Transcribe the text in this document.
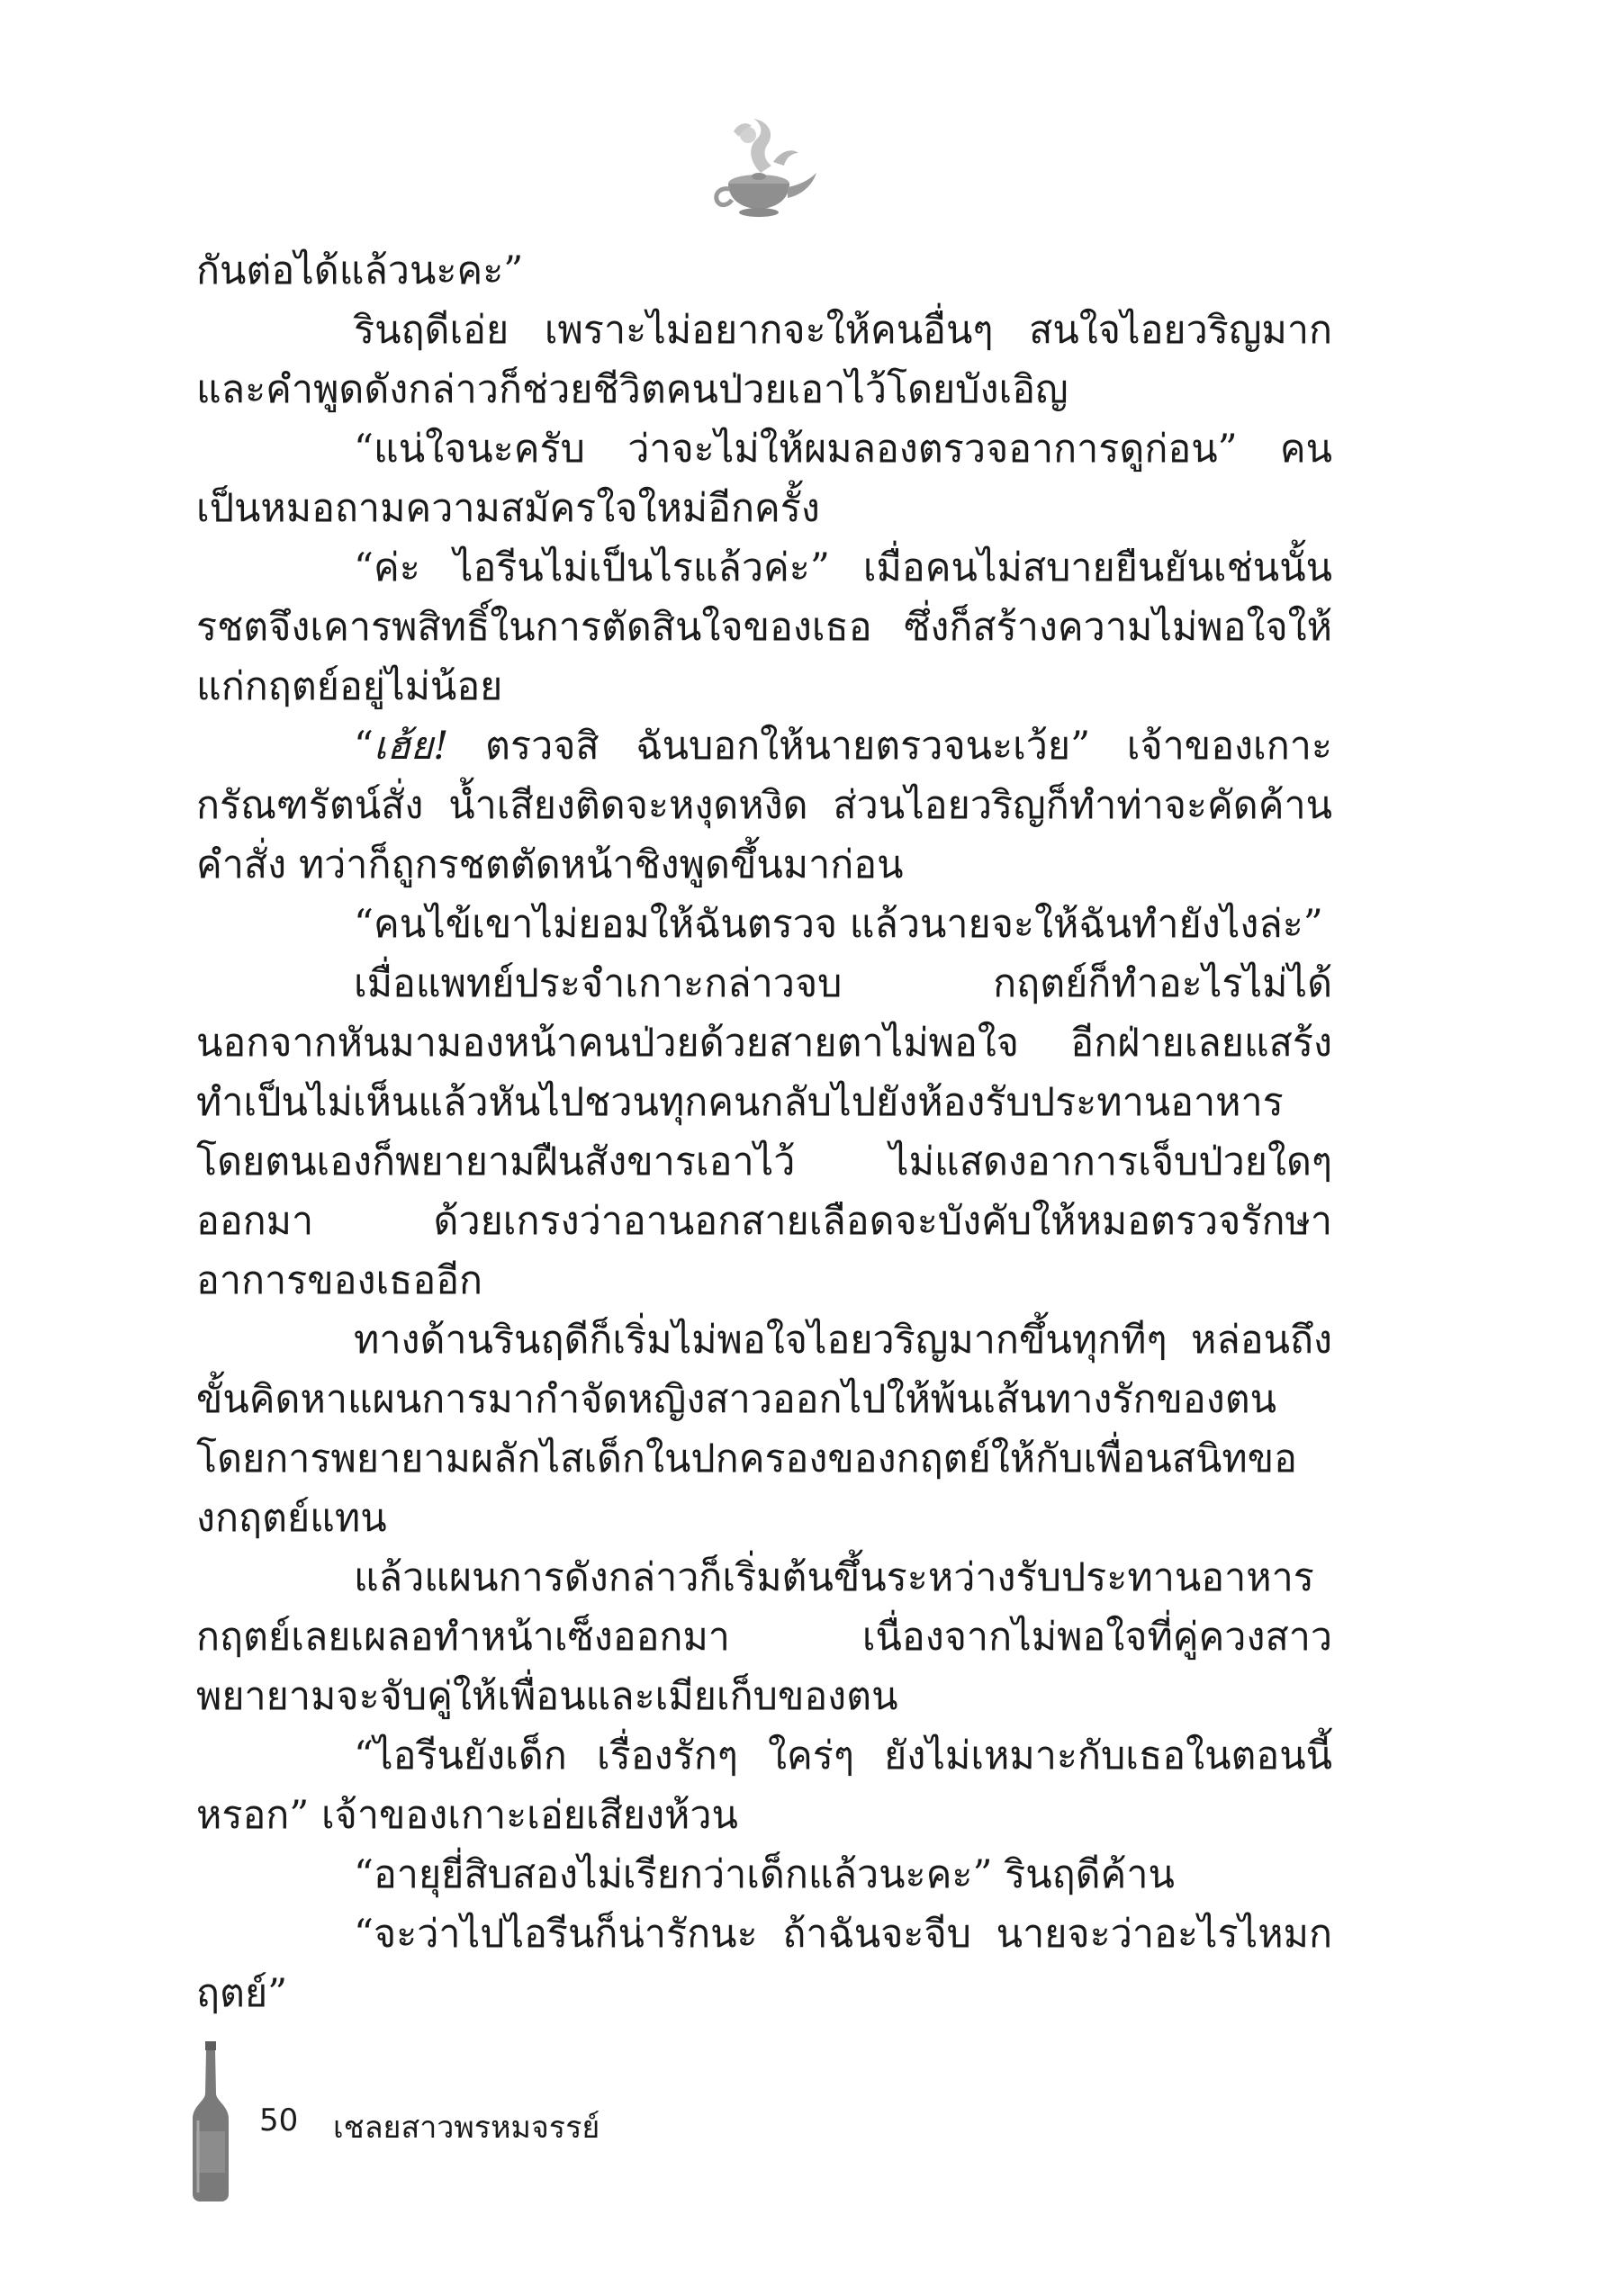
กันต่อได้แล้วนะคะ”

รินฤดีเอ่ย เพราะไม่อยากจะให้คนอื่นๆ สนใจไอยวริญมาก และคำพูดดังกล่าวก็ช่วยชีวิตคนป่วยเอาไว้โดยบังเอิญ

“แน่ใจนะครับ ว่าจะไม่ให้ผมลองตรวจอาการดูก่อน” คนเป็นหมอถามความสมัครใจใหม่อีกครั้ง

“ค่ะ ไอรีนไม่เป็นไรแล้วค่ะ” เมื่อคนไม่สบายยืนยันเช่นนั้น รชตจึงเคารพสิทธิ์ในการตัดสินใจของเธอ ซึ่งก็สร้างความไม่พอใจให้แก่กฤตย์อยู่ไม่น้อย

“เฮ้ย! ตรวจสิ ฉันบอกให้นายตรวจนะเว้ย” เจ้าของเกาะกรัณฑรัตน์สั่ง น้ำเสียงติดจะหงุดหงิด ส่วนไอยวริญก็ทำท่าจะคัดค้านคำสั่ง ทว่าก็ถูกรชตตัดหน้าชิงพูดขึ้นมาก่อน

“คนไข้เขาไม่ยอมให้ฉันตรวจ แล้วนายจะให้ฉันทำยังไงล่ะ”

เมื่อแพทย์ประจำเกาะกล่าวจบ กฤตย์ก็ทำอะไรไม่ได้นอกจากหันมามองหน้าคนป่วยด้วยสายตาไม่พอใจ อีกฝ่ายเลยแสร้งทำเป็นไม่เห็นแล้วหันไปชวนทุกคนกลับไปยังห้องรับประทานอาหาร โดยตนเองก็พยายามฝืนสังขารเอาไว้ ไม่แสดงอาการเจ็บป่วยใดๆ ออกมา ด้วยเกรงว่าอานอกสายเลือดจะบังคับให้หมอตรวจรักษาอาการของเธออีก

ทางด้านรินฤดีก็เริ่มไม่พอใจไอยวริญมากขึ้นทุกทีๆ หล่อนถึงขั้นคิดหาแผนการมากำจัดหญิงสาวออกไปให้พ้นเส้นทางรักของตน โดยการพยายามผลักไสเด็กในปกครองของกฤตย์ให้กับเพื่อนสนิทของกฤตย์แทน

แล้วแผนการดังกล่าวก็เริ่มต้นขึ้นระหว่างรับประทานอาหาร กฤตย์เลยเผลอทำหน้าเซ็งออกมา เนื่องจากไม่พอใจที่คู่ควงสาวพยายามจะจับคู่ให้เพื่อนและเมียเก็บของตน

“ไอรีนยังเด็ก เรื่องรักๆ ใคร่ๆ ยังไม่เหมาะกับเธอในตอนนี้หรอก” เจ้าของเกาะเอ่ยเสียงห้วน

“อายุยี่สิบสองไม่เรียกว่าเด็กแล้วนะคะ” รินฤดีค้าน

“จะว่าไปไอรีนก็น่ารักนะ ถ้าฉันจะจีบ นายจะว่าอะไรไหมกฤตย์”

50 เชลยสาวพรหมจรรย์
